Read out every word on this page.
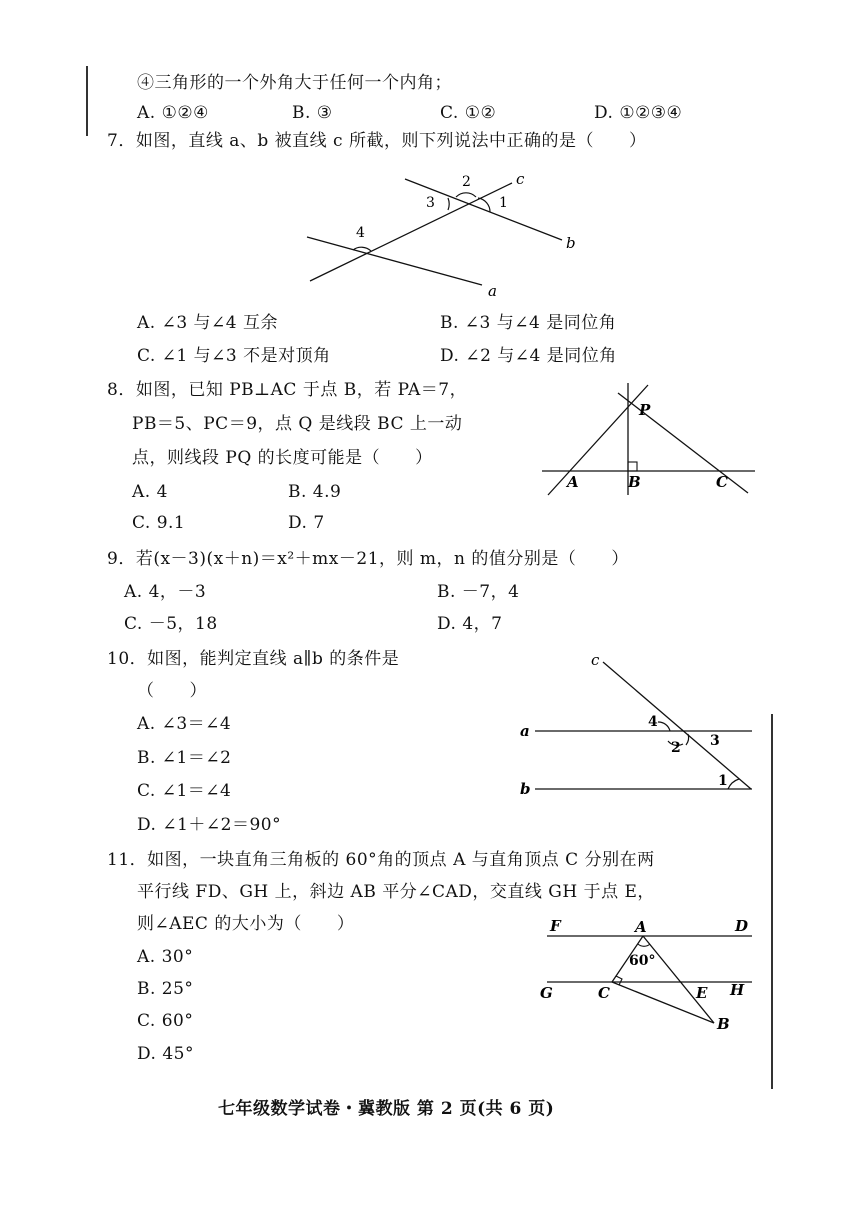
④三角形的一个外角大于任何一个内角；
A. ①②④	B. ③	C. ①②	D. ①②③④
7．如图，直线 a、b 被直线 c 所截，则下列说法中正确的是（　　）
2	c
3	1
4
b
a
A. ∠3 与∠4 互余	B. ∠3 与∠4 是同位角
C. ∠1 与∠3 不是对顶角	D. ∠2 与∠4 是同位角
8．如图，已知 PB⊥AC 于点 B，若 PA＝7，
PB＝5、PC＝9，点 Q 是线段 BC 上一动
点，则线段 PQ 的长度可能是（　　）
A. 4	B. 4.9
C. 9.1	D. 7
P
A	B	C
9．若(x－3)(x＋n)＝x²＋mx－21，则 m，n 的值分别是（　　）
A. 4，－3	B. －7，4
C. －5，18	D. 4，7
10．如图，能判定直线 a∥b 的条件是
（　　）
A. ∠3＝∠4
B. ∠1＝∠2
C. ∠1＝∠4
D. ∠1＋∠2＝90°
c
a
b
4
2 3
1
11．如图，一块直角三角板的 60°角的顶点 A 与直角顶点 C 分别在两
平行线 FD、GH 上，斜边 AB 平分∠CAD，交直线 GH 于点 E，
则∠AEC 的大小为（　　）
A. 30°
B. 25°
C. 60°
D. 45°
F	A	D
60°
G	C	E H
B
七年级数学试卷・冀教版 第 2 页(共 6 页)
